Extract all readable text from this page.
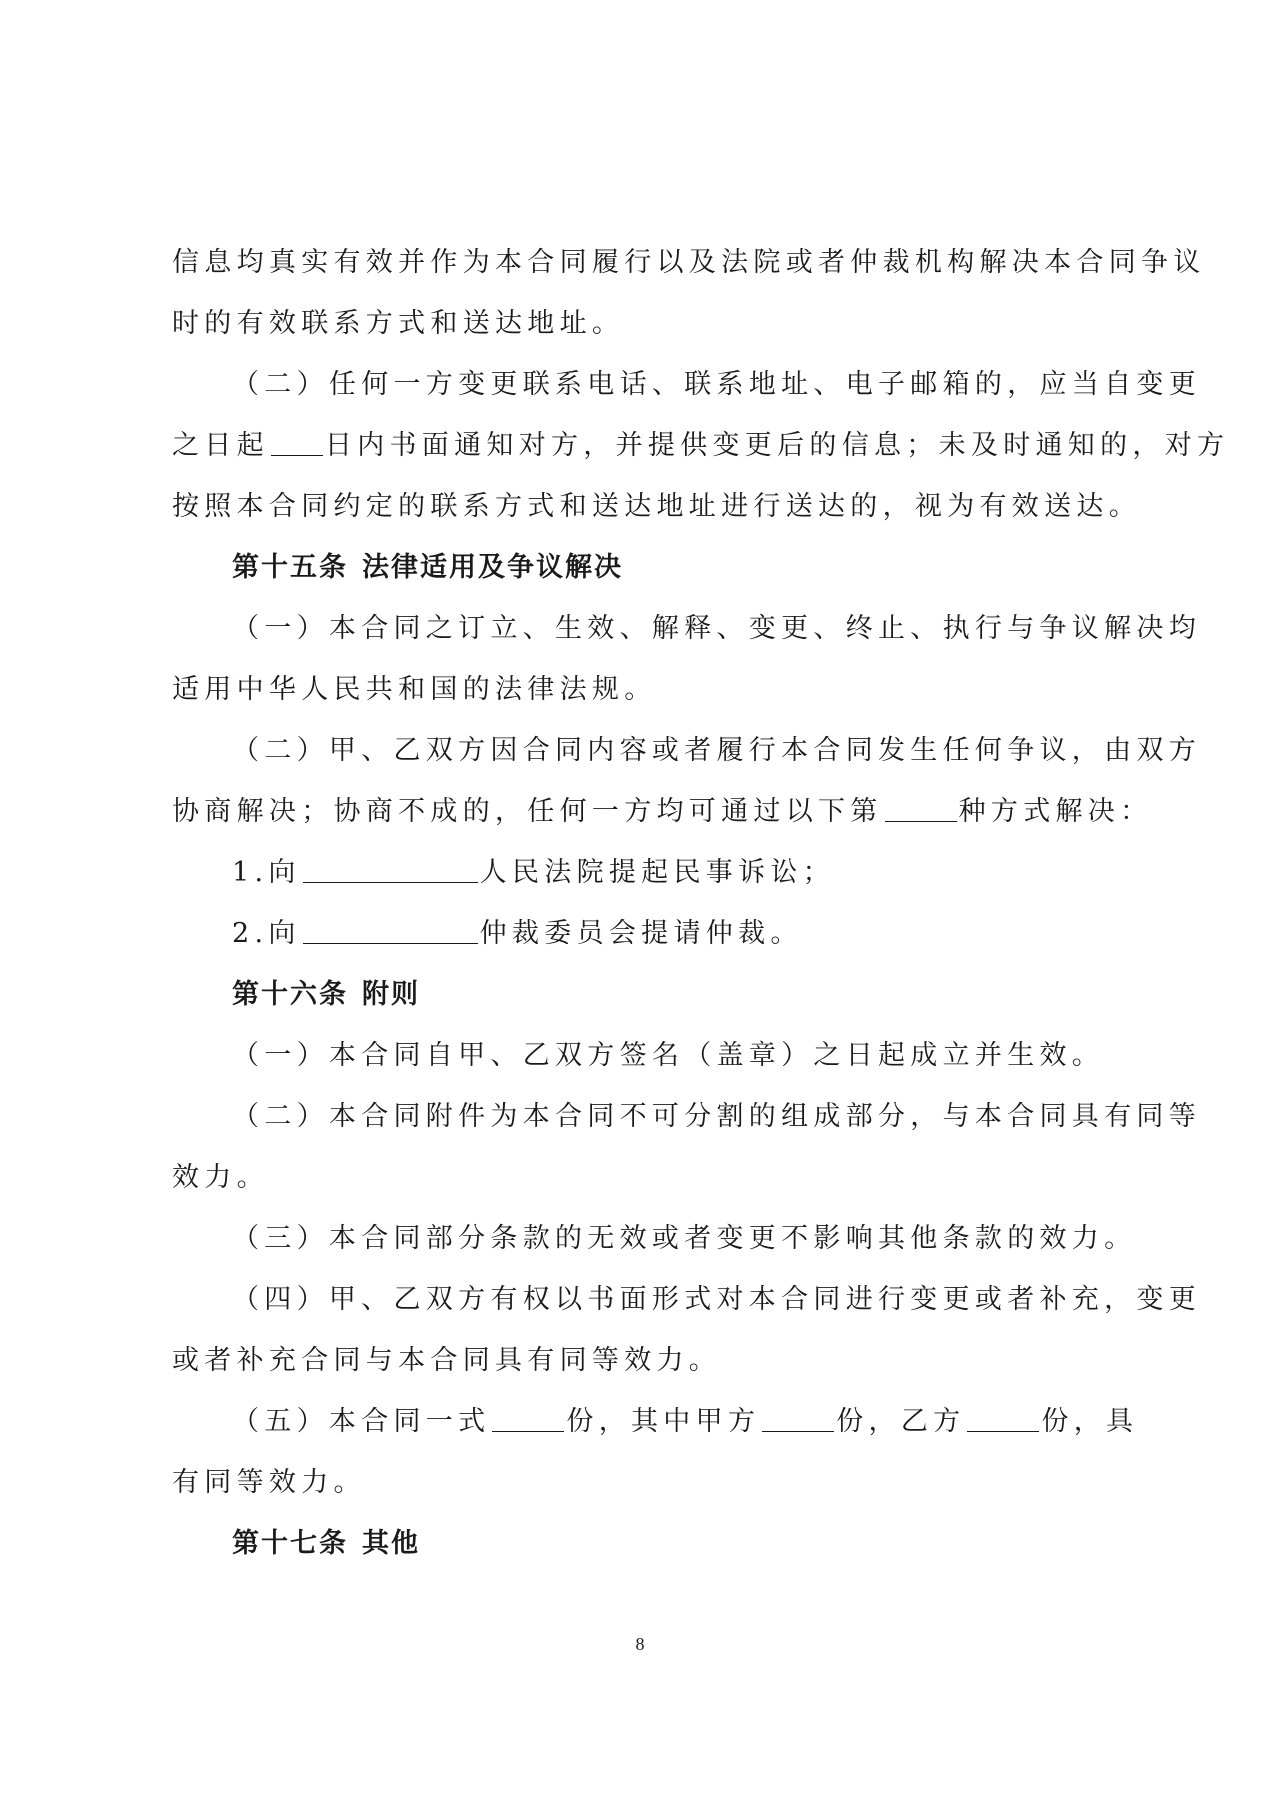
信息均真实有效并作为本合同履行以及法院或者仲裁机构解决本合同争议
时的有效联系方式和送达地址。
（二）任何一方变更联系电话、联系地址、电子邮箱的，应当自变更
之日起 日内书面通知对方，并提供变更后的信息；未及时通知的，对方
按照本合同约定的联系方式和送达地址进行送达的，视为有效送达。
第十五条 法律适用及争议解决
（一）本合同之订立、生效、解释、变更、终止、执行与争议解决均
适用中华人民共和国的法律法规。
（二）甲、乙双方因合同内容或者履行本合同发生任何争议，由双方
协商解决；协商不成的，任何一方均可通过以下第	种方式解决：
1.向	人民法院提起民事诉讼；
2.向	仲裁委员会提请仲裁。
第十六条 附则
（一）本合同自甲、乙双方签名（盖章）之日起成立并生效。
（二）本合同附件为本合同不可分割的组成部分，与本合同具有同等
效力。
（三）本合同部分条款的无效或者变更不影响其他条款的效力。
（四）甲、乙双方有权以书面形式对本合同进行变更或者补充，变更
或者补充合同与本合同具有同等效力。
（五）本合同一式	份，其中甲方	份，乙方	份，具
有同等效力。
第十七条 其他
8
